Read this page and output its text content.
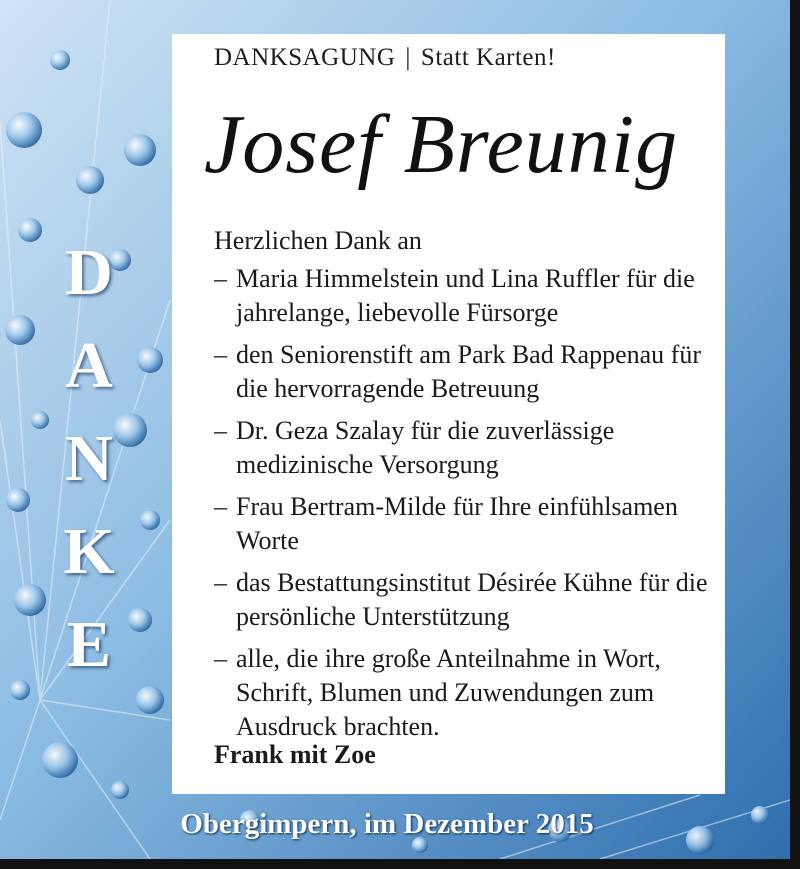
DANKSAGUNG | Statt Karten!
Josef Breunig
Herzlichen Dank an
– Maria Himmelstein und Lina Ruffler für die jahrelange, liebevolle Fürsorge
– den Seniorenstift am Park Bad Rappenau für die hervorragende Betreuung
– Dr. Geza Szalay für die zuverlässige medizinische Versorgung
– Frau Bertram-Milde für Ihre einfühlsamen Worte
– das Bestattungsinstitut Désirée Kühne für die persönliche Unterstützung
– alle, die ihre große Anteilnahme in Wort, Schrift, Blumen und Zuwendungen zum Ausdruck brachten.
Frank mit Zoe
D
A
N
K
E
Obergimpern, im Dezember 2015
